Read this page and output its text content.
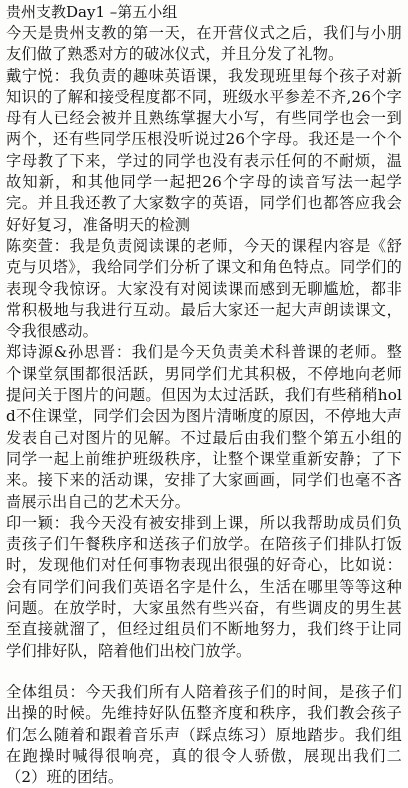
贵州支教Day1 –第五小组

今天是贵州支教的第一天，在开营仪式之后，我们与小朋友们做了熟悉对方的破冰仪式，并且分发了礼物。

戴宁悦：我负责的趣味英语课，我发现班里每个孩子对新知识的了解和接受程度都不同，班级水平参差不齐,26个字母有人已经会被并且熟练掌握大小写，有些同学也会一到两个，还有些同学压根没听说过26个字母。我还是一个个字母教了下来，学过的同学也没有表示任何的不耐烦，温故知新，和其他同学一起把26个字母的读音写法一起学完。并且我还教了大家数字的英语，同学们也都答应我会好好复习，准备明天的检测

陈奕萱：我是负责阅读课的老师，今天的课程内容是《舒克与贝塔》，我给同学们分析了课文和角色特点。同学们的表现令我惊讶。大家没有对阅读课而感到无聊尴尬，都非常积极地与我进行互动。最后大家还一起大声朗读课文，令我很感动。

郑诗源&孙思晋：我们是今天负责美术科普课的老师。整个课堂氛围都很活跃，男同学们尤其积极，不停地向老师提问关于图片的问题。但因为太过活跃，我们有些稍稍hold不住课堂，同学们会因为图片清晰度的原因，不停地大声发表自己对图片的见解。不过最后由我们整个第五小组的同学一起上前维护班级秩序，让整个课堂重新安静；了下来。接下来的活动课，安排了大家画画，同学们也毫不吝啬展示出自己的艺术天分。

印一颖：我今天没有被安排到上课，所以我帮助成员们负责孩子们午餐秩序和送孩子们放学。在陪孩子们排队打饭时，发现他们对任何事物表现出很强的好奇心，比如说：会有同学们问我们英语名字是什么，生活在哪里等等这种问题。在放学时，大家虽然有些兴奋，有些调皮的男生甚至直接就溜了，但经过组员们不断地努力，我们终于让同学们排好队，陪着他们出校门放学。

全体组员：今天我们所有人陪着孩子们的时间，是孩子们出操的时候。先维持好队伍整齐度和秩序，我们教会孩子们怎么随着和跟着音乐声（踩点练习）原地踏步。我们组在跑操时喊得很响亮，真的很令人骄傲，展现出我们二（2）班的团结。
